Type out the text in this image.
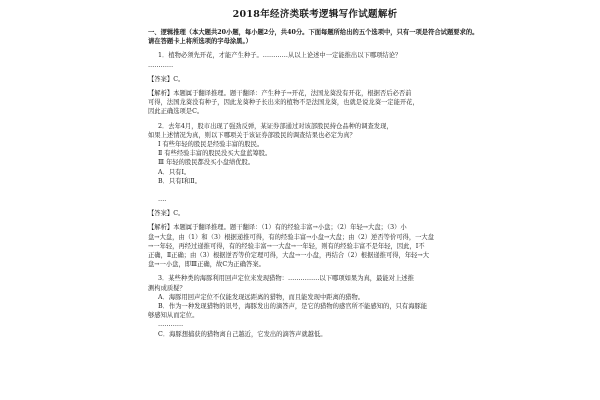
2018年经济类联考逻辑写作试题解析

一、逻辑推理（本大题共20小题，每小题2分，共40分。下面每题所给出的五个选项中，只有一项是符合试题要求的。请在答题卡上将所选项的字母涂黑。）

1．植物必须先开花，才能产生种子。…………从以上论述中一定能推出以下哪项结论？

…………

【答案】C。

【解析】本题属于翻译推理。题干翻译：产生种子→开花，法国龙葵没有开花，根据否后必否前

可得，法国龙葵没有种子，因此龙葵种子长出来的植物不是法国龙葵，也就是说龙葵一定能开花，

因此正确选项是C。

2．去年4月，股市出现了强劲反弹，某证券部通过对该部股民持仓品种的调查发现，

如果上述情况为真，则以下哪项关于该证券部股民的调查结果也必定为真？

Ⅰ 有些年轻的股民是经验丰富的股民。

Ⅱ 有些经验丰富的股民没买大盘蓝筹股。

Ⅲ 年轻的股民都没买小盘绩优股。

A．只有Ⅰ。

B．只有Ⅰ和Ⅱ。

….

【答案】C。

【解析】本题属于翻译推理。题干翻译：（1）有的经验丰富→小盘；（2）年轻→大盘；（3）小

盘→大盘，由（1）和（3）根据递推可得，有的经验丰富→小盘→大盘；由（2）逆否等价可得，一大盘

→一年轻，再经过递推可得，有的经验丰富→一大盘→一年轻，则有的经验丰富不是年轻，因此，Ⅰ不

正确，Ⅱ正确；由（3）根据逆否等价定理可得，大盘→一小盘，再结合（2）根据递推可得，年轻→大

盘→一小盘，即Ⅲ正确，故C为正确答案。

3．某些种类的海豚利用回声定位来发现猎物：……………以下哪项如果为真，最能对上述推

测构成质疑？

A．海豚用回声定位不仅能发现远距离的猎物，而且能发现中距离的猎物。

B．作为一种发现猎物的讯号，海豚发出的滴答声，是它的猎物的感官所不能感知的，只有海豚能

够感知从而定位。

…………

C．海豚想捕获的猎物离自己越近，它发出的滴答声就越低。
